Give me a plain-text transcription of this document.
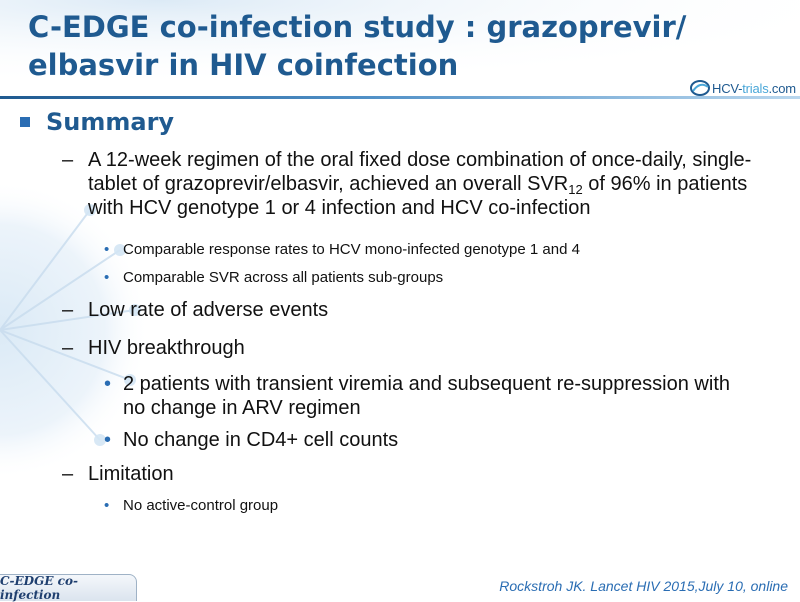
C-EDGE co-infection study : grazoprevir/
elbasvir in HIV coinfection
HCV-trials.com
Summary
– A 12-week regimen of the oral fixed dose combination of once-daily, single-tablet of grazoprevir/elbasvir, achieved an overall $SVR_{12}$ of 96% in patients with HCV genotype 1 or 4 infection and HCV co-infection
• Comparable response rates to HCV mono-infected genotype 1 and 4
• Comparable SVR across all patients sub-groups
– Low rate of adverse events
– HIV breakthrough
• 2 patients with transient viremia and subsequent re-suppression with no change in ARV regimen
• No change in CD4+ cell counts
– Limitation
• No active-control group
C-EDGE co-infection
Rockstroh JK. Lancet HIV 2015,July 10, online
